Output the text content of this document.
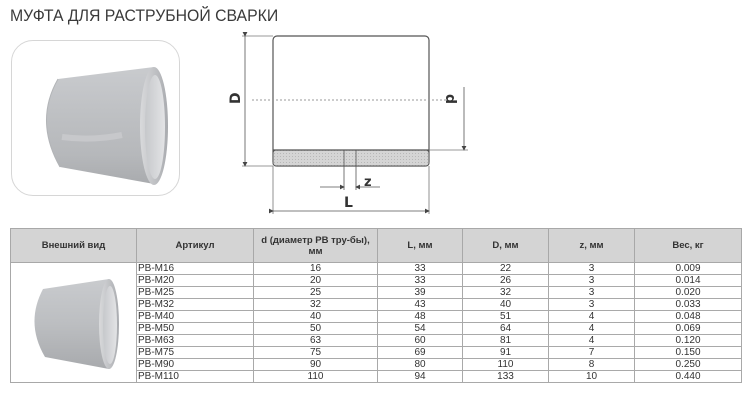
МУФТА ДЛЯ РАСТРУБНОЙ СВАРКИ
D	d
z
L
Внешний вид	Артикул	d (диаметр PB тру-бы), мм	L, мм	D, мм	z, мм	Вес, кг

	PB-M16	16	33	22	3	0.009
	PB-M20	20	33	26	3	0.014
	PB-M25	25	39	32	3	0.020
	PB-M32	32	43	40	3	0.033
	PB-M40	40	48	51	4	0.048
	PB-M50	50	54	64	4	0.069
	PB-M63	63	60	81	4	0.120
	PB-M75	75	69	91	7	0.150
	PB-M90	90	80	110	8	0.250
	PB-M110	110	94	133	10	0.440
